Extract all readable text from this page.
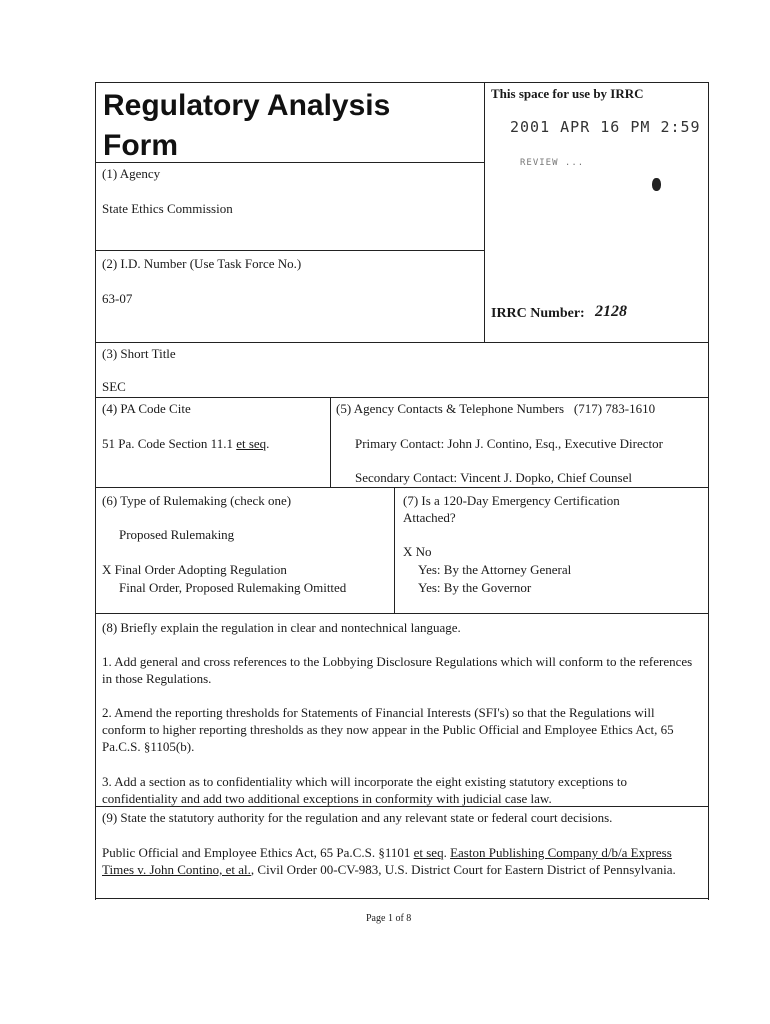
Regulatory Analysis
Form
This space for use by IRRC
2001 APR 16 PM 2:59
REVIEW ...
IRRC Number: 2128
(1) Agency
State Ethics Commission
(2) I.D. Number (Use Task Force No.)
63-07
(3) Short Title
SEC
(4) PA Code Cite
51 Pa. Code Section 11.1 et seq.
(5) Agency Contacts & Telephone Numbers (717) 783-1610
Primary Contact: John J. Contino, Esq., Executive Director
Secondary Contact: Vincent J. Dopko, Chief Counsel
(6) Type of Rulemaking (check one)
Proposed Rulemaking
X Final Order Adopting Regulation
Final Order, Proposed Rulemaking Omitted
(7) Is a 120-Day Emergency Certification
Attached?
X No
Yes: By the Attorney General
Yes: By the Governor
(8) Briefly explain the regulation in clear and nontechnical language.
1. Add general and cross references to the Lobbying Disclosure Regulations which will conform to the references in those Regulations.
2. Amend the reporting thresholds for Statements of Financial Interests (SFI's) so that the Regulations will conform to higher reporting thresholds as they now appear in the Public Official and Employee Ethics Act, 65 Pa.C.S. §1105(b).
3. Add a section as to confidentiality which will incorporate the eight existing statutory exceptions to confidentiality and add two additional exceptions in conformity with judicial case law.
(9) State the statutory authority for the regulation and any relevant state or federal court decisions.
Public Official and Employee Ethics Act, 65 Pa.C.S. §1101 et seq. Easton Publishing Company d/b/a Express Times v. John Contino, et al., Civil Order 00-CV-983, U.S. District Court for Eastern District of Pennsylvania.
Page 1 of 8
